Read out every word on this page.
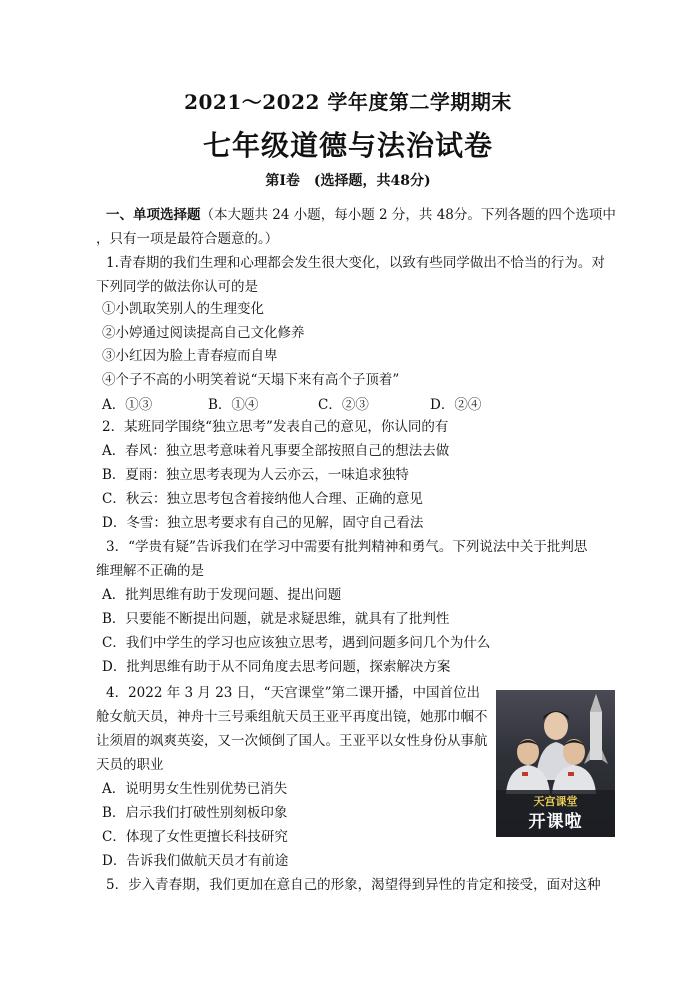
2021～2022 学年度第二学期期末
七年级道德与法治试卷
第Ⅰ卷　(选择题，共48分)
一、单项选择题（本大题共 24 小题，每小题 2 分，共 48分。下列各题的四个选项中
，只有一项是最符合题意的。）
1.青春期的我们生理和心理都会发生很大变化，以致有些同学做出不恰当的行为。对
下列同学的做法你认可的是
①小凯取笑别人的生理变化
②小婷通过阅读提高自己文化修养
③小红因为脸上青春痘而自卑
④个子不高的小明笑着说“天塌下来有高个子顶着”
A．①③	B．①④	C．②③	D．②④
2．某班同学围绕“独立思考”发表自己的意见，你认同的有
A．春风：独立思考意味着凡事要全部按照自己的想法去做
B．夏雨：独立思考表现为人云亦云，一味追求独特
C．秋云：独立思考包含着接纳他人合理、正确的意见
D．冬雪：独立思考要求有自己的见解，固守自己看法
3．“学贵有疑”告诉我们在学习中需要有批判精神和勇气。下列说法中关于批判思
维理解不正确的是
A．批判思维有助于发现问题、提出问题
B．只要能不断提出问题，就是求疑思维，就具有了批判性
C．我们中学生的学习也应该独立思考，遇到问题多问几个为什么
D．批判思维有助于从不同角度去思考问题，探索解决方案
4．2022 年 3 月 23 日，“天宫课堂”第二课开播，中国首位出
舱女航天员，神舟十三号乘组航天员王亚平再度出镜，她那巾帼不
让须眉的飒爽英姿，又一次倾倒了国人。王亚平以女性身份从事航
天员的职业
A．说明男女生性别优势已消失
B．启示我们打破性别刻板印象
C．体现了女性更擅长科技研究
D．告诉我们做航天员才有前途
天宫课堂
开课啦
5．步入青春期，我们更加在意自己的形象，渴望得到异性的肯定和接受，面对这种
